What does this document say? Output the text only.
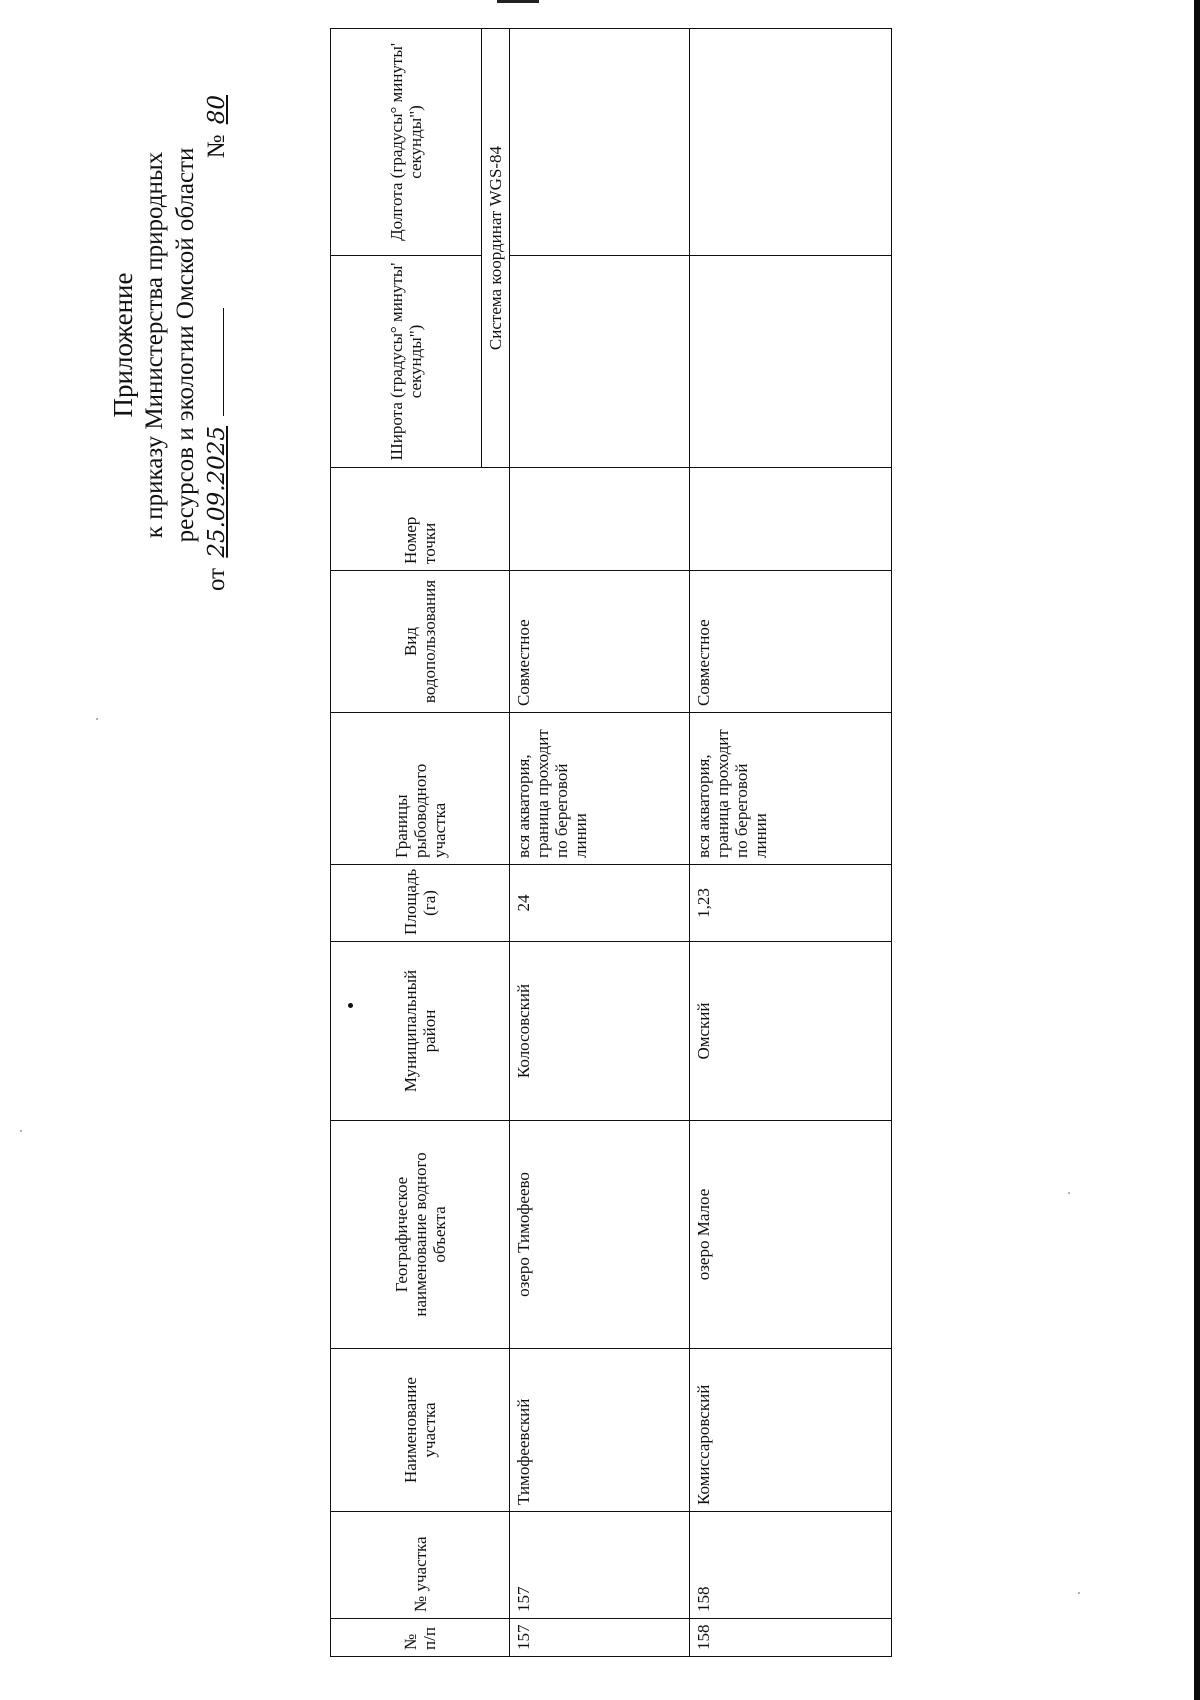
Приложение к приказу Министерства природных ресурсов и экологии Омской области
от 25.09.2025
№ 80
№ п/п	№ участка	Наименование участка	Географическое наименование водного объекта	Муниципальный район	Площадь (га)	Границы рыбоводного участка	Вид водопользования	Номер точки	Широта (градусы° минуты' секунды")	Долгота (градусы° минуты' секунды")
									Система координат WGS-84	
157	157	Тимофеевский	озеро Тимофеево	Колосовский	24	вся акватория, граница проходит по береговой линии	Совместное			
158	158	Комиссаровский	озеро Малое	Омский	1,23	вся акватория, граница проходит по береговой линии	Совместное			
